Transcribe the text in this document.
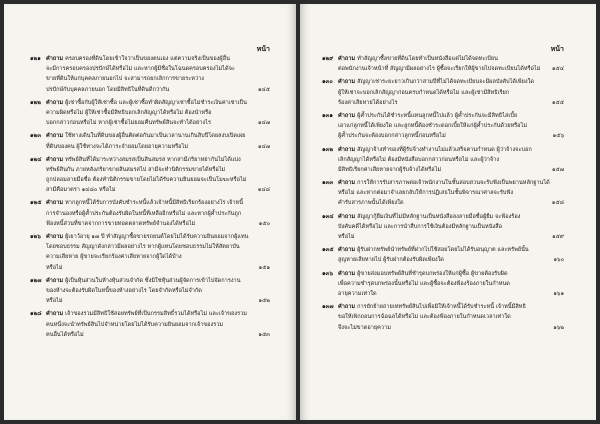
หน้า
๑๒๑ คำถาม ครอบครองที่ดินโดยเข้าใจว่าเป็นของตนเอง แต่ความจริงเป็นของผู้อื่น
จะมีการครอบครองปรปักษ์ได้หรือไม่ และหากผู้มีชื่อในโฉนดครอบครองไม่ได้จะ
ขายที่ดินให้แก่บุคคลภายนอกไป จะสามารถยกเลิกการขายระหว่าง
ปรปักษ์กับบุคคลภายนอก โดยมีสิทธิในที่ดินดีกว่ากัน	๑๔๕
๑๒๒ คำถาม ผู้เช่าซื้อกับผู้ให้เช่าซื้อ และผู้เช่าซื้อทำผิดสัญญาเช่าซื้อไม่ชำระเงินค่าเช่าเป็น
ความผิดหรือไม่ ผู้ให้เช่าซื้อมีสิทธิบอกเลิกสัญญาได้หรือไม่ ต้องนำหรือ
บอกกล่าวก่อนหรือไม่ หากผู้เช่าซื้อไม่ยอมคืนทรัพย์สินจะทำได้อย่างไร	๑๔๗
๑๒๓ คำถาม ใช้ทางเดินในที่ดินของผู้อื่นติดต่อกันมาเป็นเวลานานเกินสิบปีโดยสงบเปิดเผย
ที่ดินของคน ผู้ใช้ทางจะได้ภาระจำยอมโดยอายุความหรือไม่	๑๔๗
๑๒๔ คำถาม ทรัพย์สินที่ได้มาระหว่างสมรสเป็นสินสมรส หากสามีภริยาหย่ากันไม่ได้แบ่ง
ทรัพย์สินกัน ภายหลังภริยาขายสินสมรสไป สามีจะทำนิติกรรมขายได้หรือไม่
ถูกปลอมลายมือชื่อ ต้องทำนิติกรรมขายโดยไม่ได้รับความยินยอมจะเป็นโมฆะหรือไม่
สามีคือมาตรา ๑๔๘๐ หรือไม่	๑๔๘
๑๒๕ คำถาม หากลูกหนี้ได้รับการบังคับชำระหนี้แล้วเจ้าหนี้มีสิทธิเรียกร้องอย่างไร เจ้าหนี้
การจำนองหรือผู้ค้ำประกันต้องรับผิดในหนี้ที่เหลืออีกหรือไม่ และหากผู้ค้ำประกันถูก
ฟ้องหนี้ส่วนที่ขาดจากการขายทอดตลาดทรัพย์จำนองได้หรือไม่	๑๕๐
๑๒๖ คำถาม ผู้เยาว์อายุ ๑๗ ปี ทำสัญญาซื้อขายรถยนต์โดยไม่ได้รับความยินยอมจากผู้แทน
โดยชอบธรรม สัญญาดังกล่าวมีผลอย่างไร หากผู้แทนโดยชอบธรรมไม่ให้สัตยาบัน
ความเสียหาย ผู้ขายจะเรียกร้องค่าเสียหายจากผู้ใดได้บ้าง
หรือไม่	๑๕๑
๑๒๗ คำถาม ผู้เป็นหุ้นส่วนในห้างหุ้นส่วนจำกัด ซึ่งมิใช่หุ้นส่วนผู้จัดการเข้าไปจัดการงาน
ของห้างจะต้องรับผิดในหนี้ของห้างอย่างไร โดยจำกัดหรือไม่จำกัด
หรือไม่	๑๕๒
๑๒๘ คำถาม เจ้าของรวมมีสิทธิใช้สอยทรัพย์ที่เป็นกรรมสิทธิ์รวมได้หรือไม่ และเจ้าของรวม
คนหนึ่งจะนำทรัพย์สินไปจำหน่ายโดยไม่ได้รับความยินยอมจากเจ้าของรวม
คนอื่นได้หรือไม่	๑๕๓
หน้า
๑๒๙ คำถาม ทำสัญญาซื้อขายที่ดินโดยทำเป็นหนังสือแต่ไม่ได้จดทะเบียน
ต่อพนักงานเจ้าหน้าที่ สัญญามีผลอย่างไร ผู้ซื้อจะเรียกให้ผู้ขายไปจดทะเบียนได้หรือไม่	๑๕๔
๑๓๐ คำถาม สัญญาเช่าระยะยาวเกินกว่าสามปีที่ไม่ได้จดทะเบียนจะมีผลบังคับได้เพียงใด
ผู้ให้เช่าจะบอกเลิกสัญญาก่อนครบกำหนดได้หรือไม่ และผู้เช่ามีสิทธิเรียก
ร้องค่าเสียหายได้อย่างไร	๑๕๕
๑๓๑ คำถาม ผู้ค้ำประกันได้ชำระหนี้แทนลูกหนี้ไปแล้ว ผู้ค้ำประกันจะมีสิทธิไล่เบี้ย
เอาแก่ลูกหนี้ได้เพียงใด และลูกหนี้ต้องชำระดอกเบี้ยให้แก่ผู้ค้ำประกันด้วยหรือไม่
ผู้ค้ำประกันจะต้องบอกกล่าวลูกหนี้ก่อนหรือไม่	๑๕๖
๑๓๒ คำถาม สัญญาจ้างทำของที่ผู้รับจ้างทำงานไม่แล้วเสร็จตามกำหนด ผู้ว่าจ้างจะบอก
เลิกสัญญาได้หรือไม่ ต้องมีหนังสือบอกกล่าวก่อนหรือไม่ และผู้ว่าจ้าง
มีสิทธิเรียกค่าเสียหายจากผู้รับจ้างได้หรือไม่	๑๕๗
๑๓๓ คำถาม การให้การรับสารภาพต่อเจ้าพนักงานในชั้นสอบสวนจะรับฟังเป็นพยานหลักฐานได้
หรือไม่ และหากต่อมาจำเลยกลับให้การปฏิเสธในชั้นพิจารณาศาลจะรับฟัง
คำรับสารภาพนั้นได้เพียงใด	๑๕๘
๑๓๔ คำถาม สัญญากู้ยืมเงินที่ไม่มีหลักฐานเป็นหนังสือลงลายมือชื่อผู้ยืม จะฟ้องร้อง
บังคับคดีได้หรือไม่ และการนำสืบการใช้เงินต้องมีหลักฐานเป็นหนังสือ
หรือไม่	๑๕๙
๑๓๕ คำถาม ผู้รับฝากทรัพย์นำทรัพย์ที่ฝากไปใช้สอยโดยไม่ได้รับอนุญาต และทรัพย์นั้น
สูญหายเสียหายไป ผู้รับฝากต้องรับผิดเพียงใด	๑๖๐
๑๓๖ คำถาม ผู้ขายส่งมอบทรัพย์สินที่ชำรุดบกพร่องให้แก่ผู้ซื้อ ผู้ขายต้องรับผิด
เพื่อความชำรุดบกพร่องนั้นหรือไม่ และผู้ซื้อจะต้องฟ้องร้องภายในกำหนด
อายุความเท่าใด	๑๖๑
๑๓๗ คำถาม การยักย้ายถ่ายเททรัพย์สินไปเพื่อมิให้เจ้าหนี้ได้รับชำระหนี้ เจ้าหนี้มีสิทธิ
ขอให้เพิกถอนการฉ้อฉลได้หรือไม่ และต้องฟ้องภายในกำหนดเวลาเท่าใด
จึงจะไม่ขาดอายุความ	๑๖๒
